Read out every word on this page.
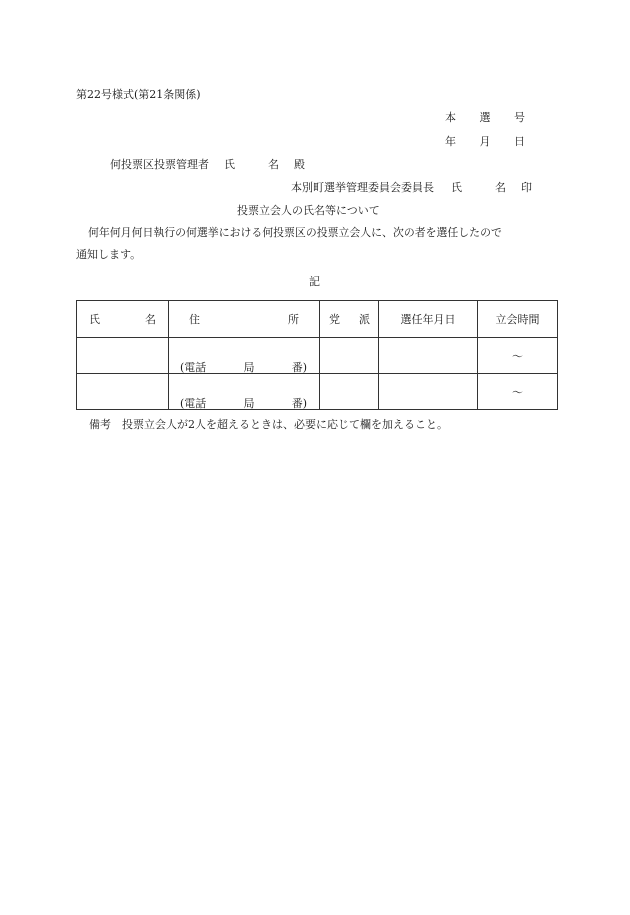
第22号様式(第21条関係)
本 選 号
年 月 日
何投票区投票管理者 氏	名 殿
本別町選挙管理委員会委員長 氏	名 印
投票立会人の氏名等について
何年何月何日執行の何選挙における何投票区の投票立会人に、次の者を選任したので
通知します。
記
氏 名	住 所	党 派	選任年月日	立会時間

	(電話 局 番)			～

	(電話 局 番)			～
備考　投票立会人が2人を超えるときは、必要に応じて欄を加えること。
